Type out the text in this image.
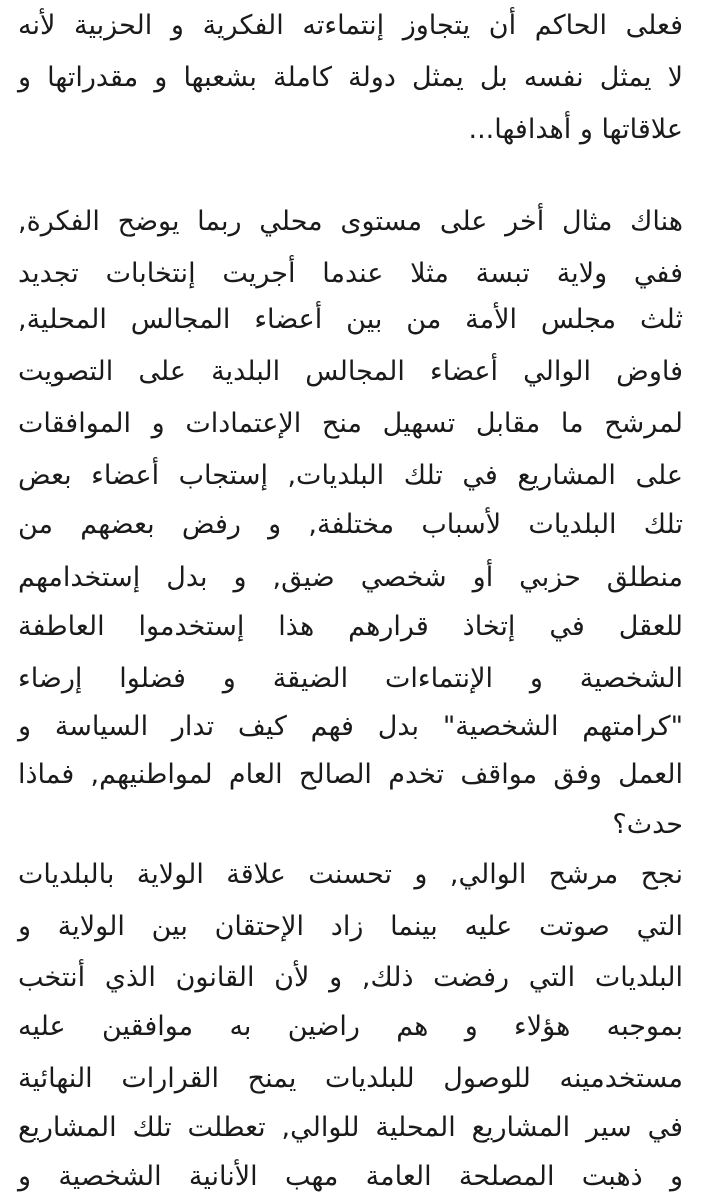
فعلى الحاكم أن يتجاوز إنتماءته الفكرية و الحزبية لأنه
لا يمثل نفسه بل يمثل دولة كاملة بشعبها و مقدراتها و
علاقاتها و أهدافها...
هناك مثال أخر على مستوى محلي ربما يوضح الفكرة,
ففي ولاية تبسة مثلا عندما أجريت إنتخابات تجديد
ثلث مجلس الأمة من بين أعضاء المجالس المحلية,
فاوض الوالي أعضاء المجالس البلدية على التصويت
لمرشح ما مقابل تسهيل منح الإعتمادات و الموافقات
على المشاريع في تلك البلديات, إستجاب أعضاء بعض
تلك البلديات لأسباب مختلفة, و رفض بعضهم من
منطلق حزبي أو شخصي ضيق, و بدل إستخدامهم
للعقل في إتخاذ قرارهم هذا إستخدموا العاطفة
الشخصية و الإنتماءات الضيقة و فضلوا إرضاء
"كرامتهم الشخصية" بدل فهم كيف تدار السياسة و
العمل وفق مواقف تخدم الصالح العام لمواطنيهم, فماذا
حدث؟
نجح مرشح الوالي, و تحسنت علاقة الولاية بالبلديات
التي صوتت عليه بينما زاد الإحتقان بين الولاية و
البلديات التي رفضت ذلك, و لأن القانون الذي أنتخب
بموجبه هؤلاء و هم راضين به موافقين عليه
مستخدمينه للوصول للبلديات يمنح القرارات النهائية
في سير المشاريع المحلية للوالي, تعطلت تلك المشاريع
و ذهبت المصلحة العامة مهب الأنانية الشخصية و
